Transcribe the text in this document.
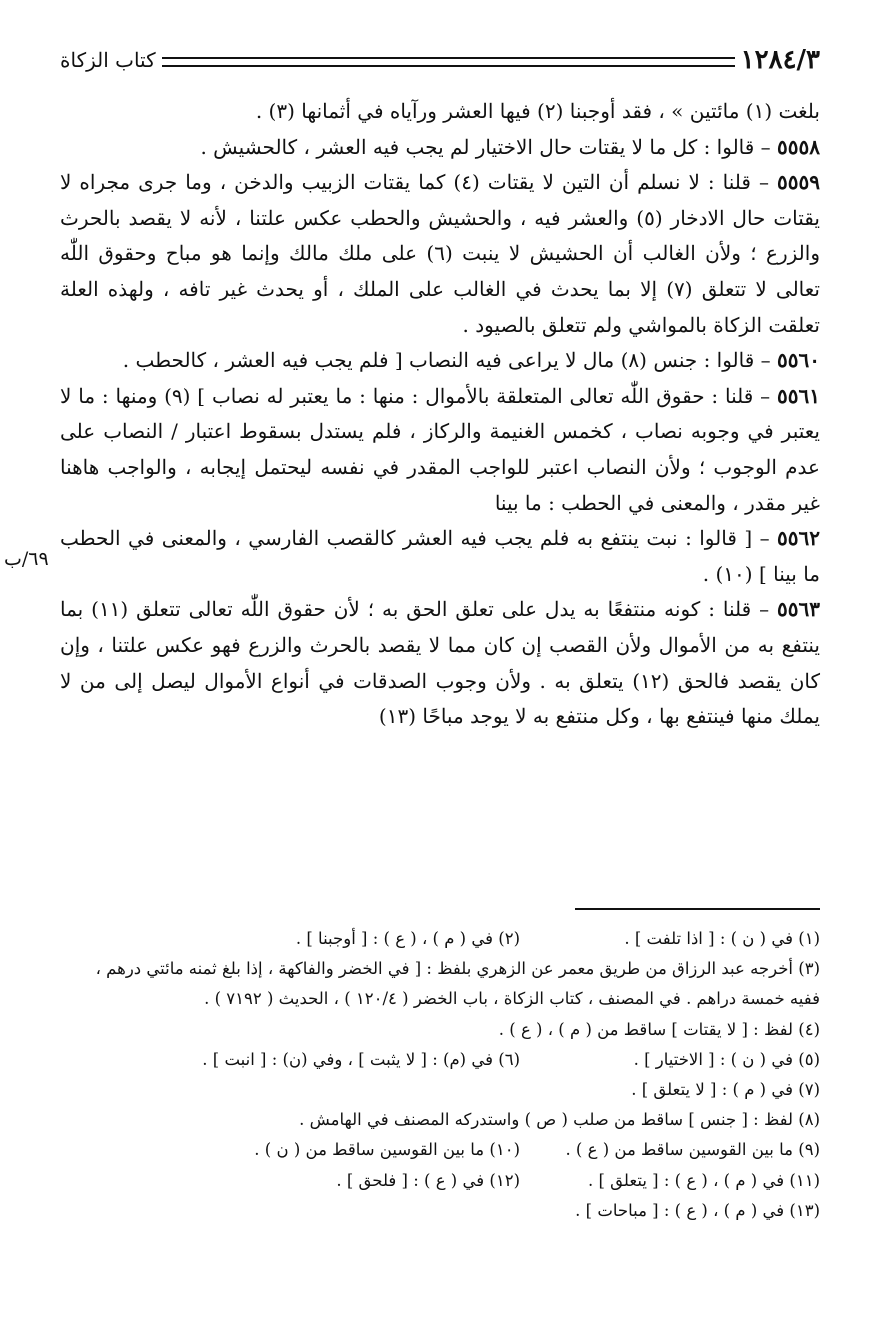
١٢٨٤/٣
كتاب الزكاة

بلغت (١) مائتين » ، فقد أوجبنا (٢) فيها العشر ورآياه في أثمانها (٣) .

٥٥٥٨ – قالوا : كل ما لا يقتات حال الاختيار لم يجب فيه العشر ، كالحشيش .

٥٥٥٩ – قلنا : لا نسلم أن التين لا يقتات (٤) كما يقتات الزبيب والدخن ، وما جرى مجراه لا يقتات حال الادخار (٥) والعشر فيه ، والحشيش والحطب عكس علتنا ، لأنه لا يقصد بالحرث والزرع ؛ ولأن الغالب أن الحشيش لا ينبت (٦) على ملك مالك وإنما هو مباح وحقوق اللّٰه تعالى لا تتعلق (٧) إلا بما يحدث في الغالب على الملك ، أو يحدث غير تافه ، ولهذه العلة تعلقت الزكاة بالمواشي ولم تتعلق بالصيود .

٥٥٦٠ – قالوا : جنس (٨) مال لا يراعى فيه النصاب [ فلم يجب فيه العشر ، كالحطب .

٥٥٦١ – قلنا : حقوق اللّٰه تعالى المتعلقة بالأموال : منها : ما يعتبر له نصاب ] (٩) ومنها : ما لا يعتبر في وجوبه نصاب ، كخمس الغنيمة والركاز ، فلم يستدل بسقوط اعتبار / النصاب على عدم الوجوب ؛ ولأن النصاب اعتبر للواجب المقدر في نفسه ليحتمل إيجابه ، والواجب هاهنا غير مقدر ، والمعنى في الحطب : ما بينا

٥٥٦٢ – [ قالوا : نبت ينتفع به فلم يجب فيه العشر كالقصب الفارسي ، والمعنى في الحطب ما بينا ] (١٠) .

٥٥٦٣ – قلنا : كونه منتفعًا به يدل على تعلق الحق به ؛ لأن حقوق اللّٰه تعالى تتعلق (١١) بما ينتفع به من الأموال ولأن القصب إن كان مما لا يقصد بالحرث والزرع فهو عكس علتنا ، وإن كان يقصد فالحق (١٢) يتعلق به . ولأن وجوب الصدقات في أنواع الأموال ليصل إلى من لا يملك منها فينتفع بها ، وكل منتفع به لا يوجد مباحًا (١٣)

٦٩/ب
(١) في ( ن ) : [ اذا تلفت ] .
(٢) في ( م ) ، ( ع ) : [ أوجبنا ] .
(٣) أخرجه عبد الرزاق من طريق معمر عن الزهري بلفظ : [ في الخضر والفاكهة ، إذا بلغ ثمنه مائتي درهم ،
ففيه خمسة دراهم . في المصنف ، كتاب الزكاة ، باب الخضر ( ١٢٠/٤ ) ، الحديث ( ٧١٩٢ ) .
(٤) لفظ : [ لا يقتات ] ساقط من ( م ) ، ( ع ) .
(٥) في ( ن ) : [ الاختيار ] .
(٦) في (م) : [ لا يثبت ] ، وفي (ن) : [ انبت ] .
(٧) في ( م ) : [ لا يتعلق ] .
(٨) لفظ : [ جنس ] ساقط من صلب ( ص ) واستدركه المصنف في الهامش .
(٩) ما بين القوسين ساقط من ( ع ) .
(١٠) ما بين القوسين ساقط من ( ن ) .
(١١) في ( م ) ، ( ع ) : [ يتعلق ] .
(١٢) في ( ع ) : [ فلحق ] .
(١٣) في ( م ) ، ( ع ) : [ مباحات ] .
